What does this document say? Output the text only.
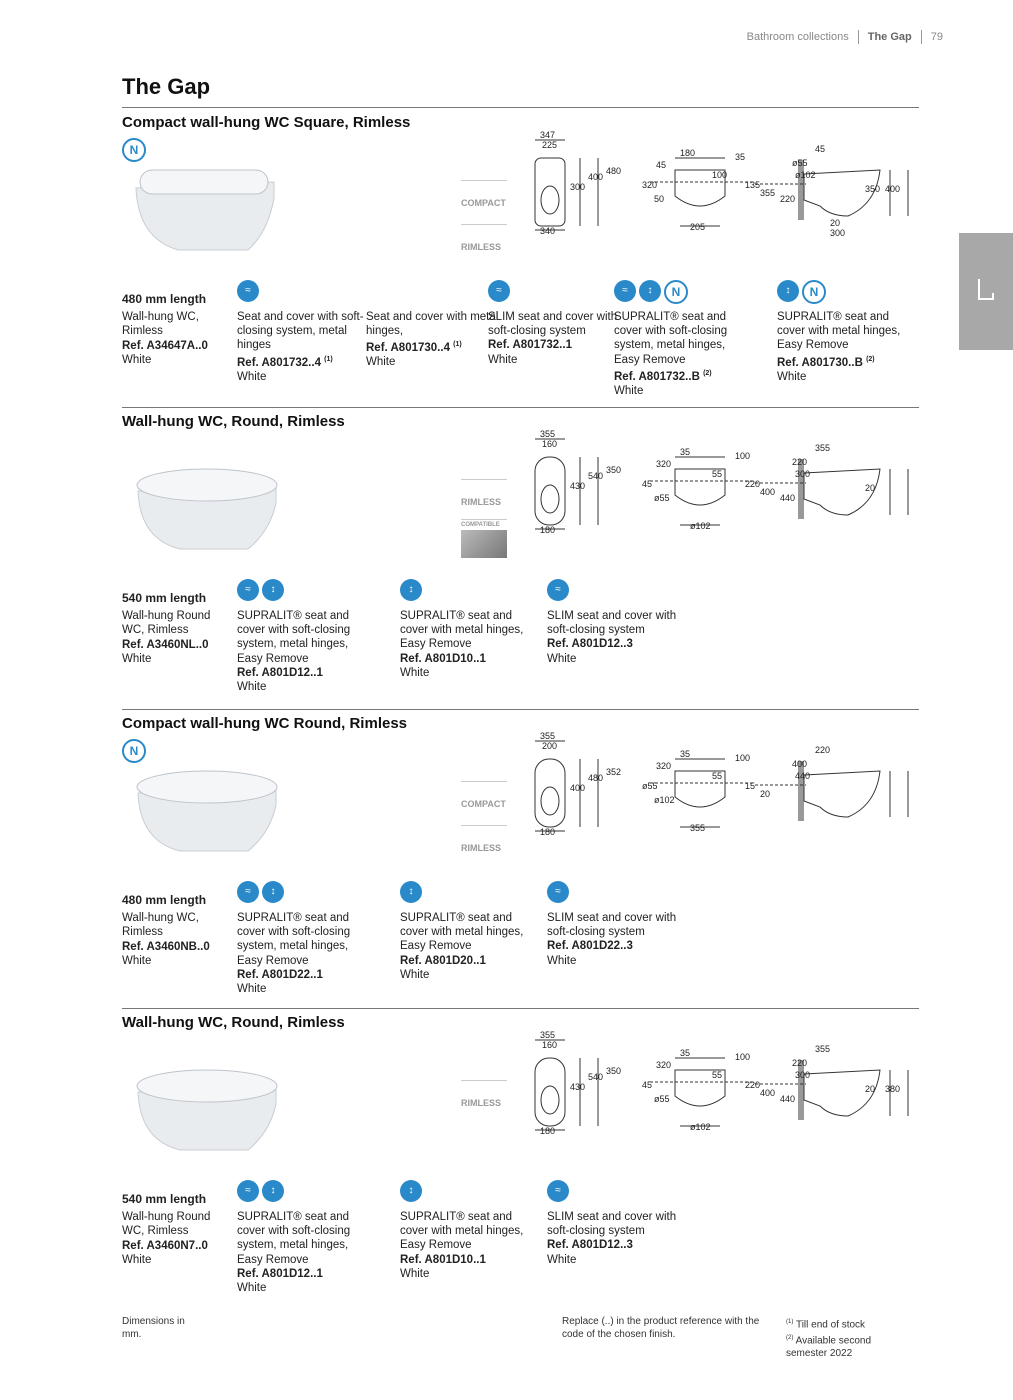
Bathroom collections The Gap 79
The Gap
Compact wall-hung WC Square, Rimless
N
COMPACT
RIMLESS
347
225
300
400
480
340
180	35
45
100
135
320
50
205
45
ø55
ø102
355
220
350 400
20
300
480 mm length
Wall-hung WC, Rimless
Ref. A34647A..0
White
≈
Seat and cover with soft-closing system, metal hinges
Ref. A801732..4 $^{(1)}$
White
Seat and cover with metal hinges,
Ref. A801730..4 $^{(1)}$
White
≈
SLIM seat and cover with soft-closing system
Ref. A801732..1
White
≈	↕	N
SUPRALIT® seat and cover with soft-closing system, metal hinges, Easy Remove
Ref. A801732..B $^{(2)}$
White
↕	N
SUPRALIT® seat and cover with metal hinges, Easy Remove
Ref. A801730..B $^{(2)}$
White
Wall-hung WC, Round, Rimless
RIMLESS
COMPATIBLE
355
160
430
540
350
180
35	100
320
55
220
45
ø55
ø102
355
220
300
400
440
20
540 mm length
Wall-hung Round WC, Rimless
Ref. A3460NL..0
White
≈	↕
SUPRALIT® seat and cover with soft-closing system, metal hinges, Easy Remove
Ref. A801D12..1
White
↕
SUPRALIT® seat and cover with metal hinges, Easy Remove
Ref. A801D10..1
White
≈
SLIM seat and cover with soft-closing system
Ref. A801D12..3
White
Compact wall-hung WC Round, Rimless
N
COMPACT
RIMLESS
355
200
400
480
352
180
35	100
320
55
15
ø55
ø102
355
220
400
440
20
480 mm length
Wall-hung WC, Rimless
Ref. A3460NB..0
White
≈	↕
SUPRALIT® seat and cover with soft-closing system, metal hinges, Easy Remove
Ref. A801D22..1
White
↕
SUPRALIT® seat and cover with metal hinges, Easy Remove
Ref. A801D20..1
White
≈
SLIM seat and cover with soft-closing system
Ref. A801D22..3
White
Wall-hung WC, Round, Rimless
RIMLESS
355
160
430
540
350
180
35	100
320
55
220
45
ø55
ø102
355
220
300
400
440
20 380
540 mm length
Wall-hung Round WC, Rimless
Ref. A3460N7..0
White
≈	↕
SUPRALIT® seat and cover with soft-closing system, metal hinges, Easy Remove
Ref. A801D12..1
White
↕
SUPRALIT® seat and cover with metal hinges, Easy Remove
Ref. A801D10..1
White
≈
SLIM seat and cover with soft-closing system
Ref. A801D12..3
White
Dimensions in mm.
Replace (..) in the product reference with the code of the chosen finish.
$^{(1)}$ Till end of stock
$^{(2)}$ Available second semester 2022
